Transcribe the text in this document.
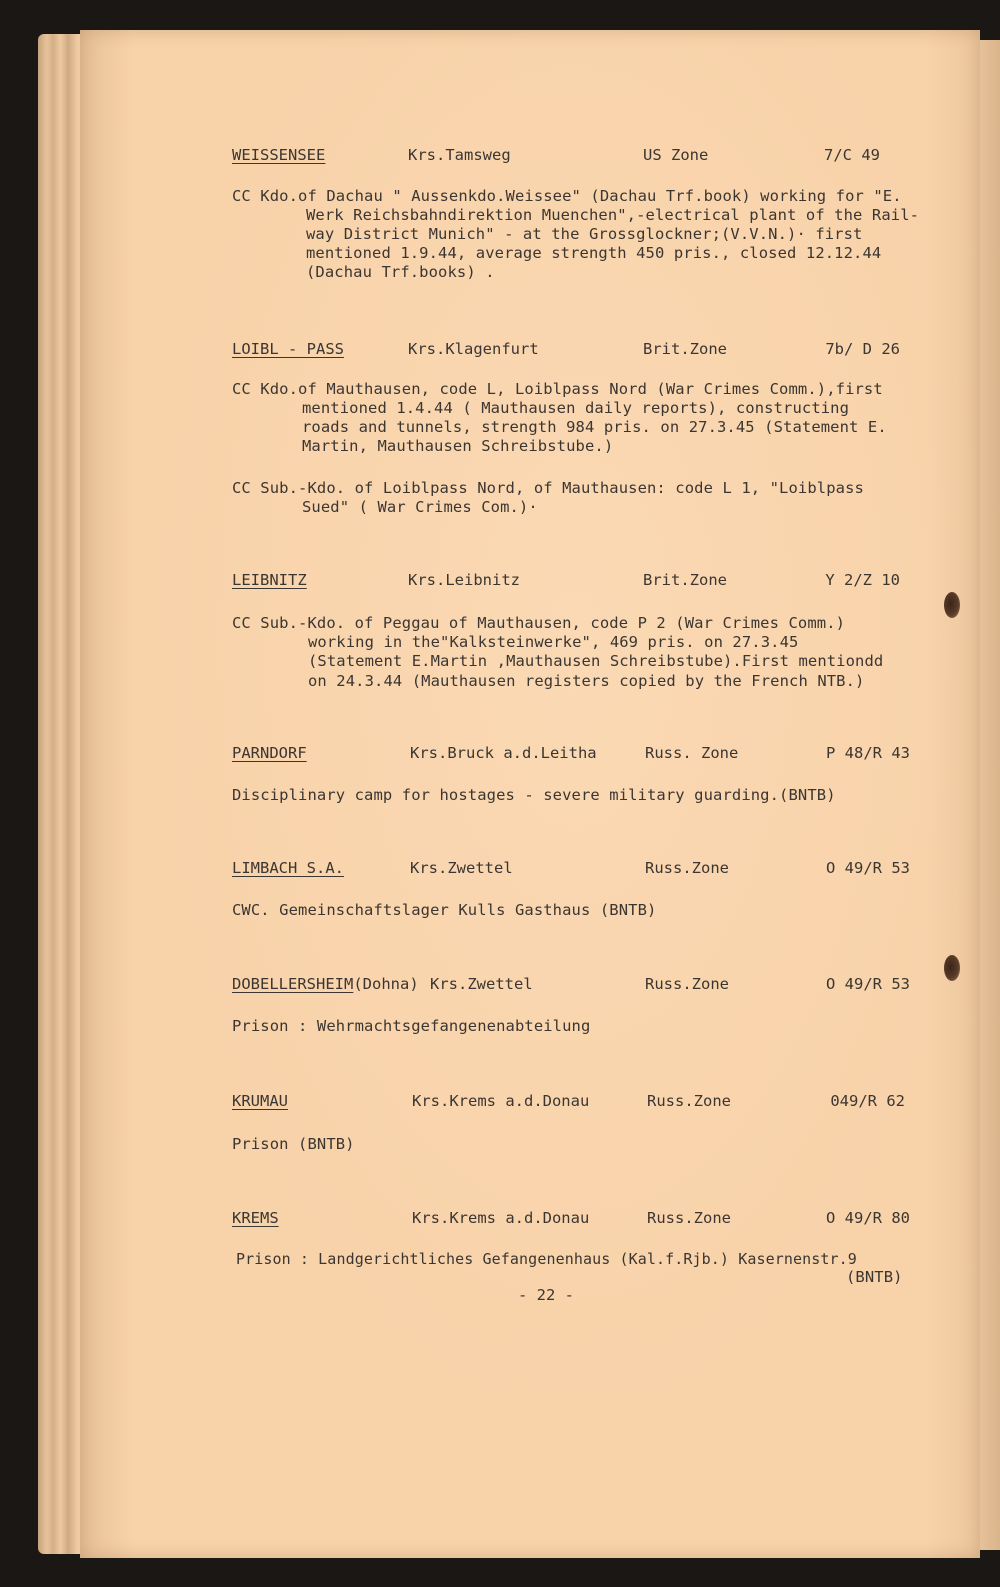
WEISSENSEE	Krs.Tamsweg	US Zone	7/C 49
CC Kdo.of Dachau " Aussenkdo.Weissee" (Dachau Trf.book) working for "E.
Werk Reichsbahndirektion Muenchen",-electrical plant of the Rail-
way District Munich" - at the Grossglockner;(V.V.N.)· first
mentioned 1.9.44, average strength 450 pris., closed 12.12.44
(Dachau Trf.books) .
LOIBL - PASS	Krs.Klagenfurt	Brit.Zone	7b/ D 26
CC Kdo.of Mauthausen, code L, Loiblpass Nord (War Crimes Comm.),first
mentioned 1.4.44 ( Mauthausen daily reports), constructing
roads and tunnels, strength 984 pris. on 27.3.45 (Statement E.
Martin, Mauthausen Schreibstube.)
CC Sub.-Kdo. of Loiblpass Nord, of Mauthausen: code L 1, "Loiblpass
Sued" ( War Crimes Com.)·
LEIBNITZ	Krs.Leibnitz	Brit.Zone	Y 2/Z 10
CC Sub.-Kdo. of Peggau of Mauthausen, code P 2 (War Crimes Comm.)
working in the"Kalksteinwerke", 469 pris. on 27.3.45
(Statement E.Martin ,Mauthausen Schreibstube).First mentiondd
on 24.3.44 (Mauthausen registers copied by the French NTB.)
PARNDORF	Krs.Bruck a.d.Leitha	Russ. Zone	P 48/R 43
Disciplinary camp for hostages - severe military guarding.(BNTB)
LIMBACH S.A.	Krs.Zwettel	Russ.Zone	O 49/R 53
CWC. Gemeinschaftslager Kulls Gasthaus (BNTB)
DOBELLERSHEIM(Dohna) Krs.Zwettel	Russ.Zone	O 49/R 53
Prison : Wehrmachtsgefangenenabteilung
KRUMAU	Krs.Krems a.d.Donau	Russ.Zone	049/R 62
Prison (BNTB)
KREMS	Krs.Krems a.d.Donau	Russ.Zone	O 49/R 80
Prison : Landgerichtliches Gefangenenhaus (Kal.f.Rjb.) Kasernenstr.9
(BNTB)
- 22 -
